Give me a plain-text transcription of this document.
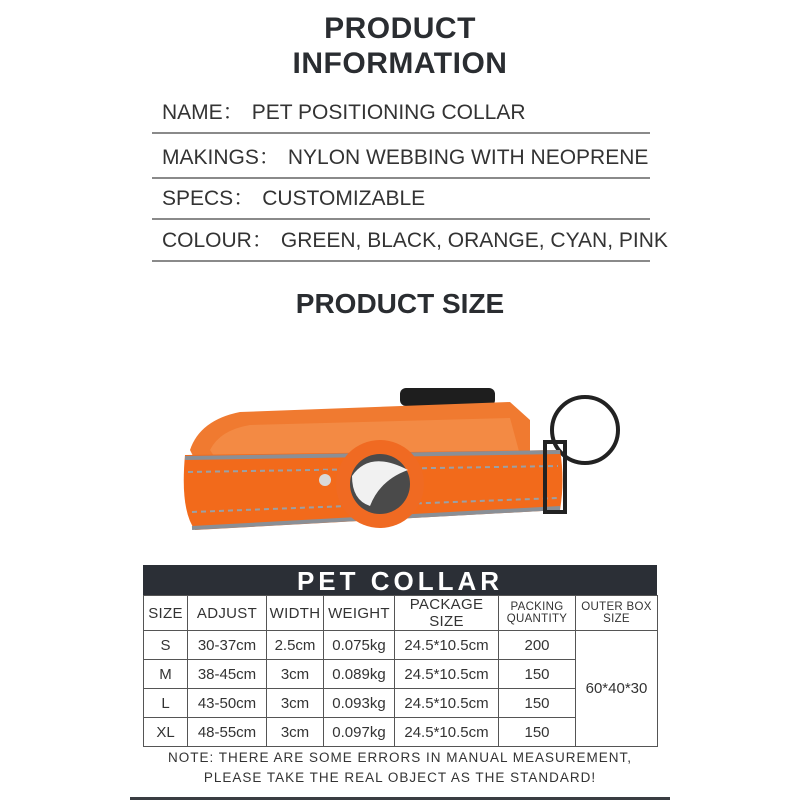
PRODUCT
INFORMATION
NAME： PET POSITIONING COLLAR
MAKINGS： NYLON WEBBING WITH NEOPRENE
SPECS： CUSTOMIZABLE
COLOUR： GREEN, BLACK, ORANGE, CYAN, PINK
PRODUCT SIZE
PET COLLAR
SIZE	ADJUST	WIDTH	WEIGHT	PACKAGE SIZE	PACKING QUANTITY	OUTER BOX SIZE
S	30-37cm	2.5cm	0.075kg	24.5*10.5cm	200	60*40*30
M	38-45cm	3cm	0.089kg	24.5*10.5cm	150	
L	43-50cm	3cm	0.093kg	24.5*10.5cm	150	
XL	48-55cm	3cm	0.097kg	24.5*10.5cm	150	
NOTE: THERE ARE SOME ERRORS IN MANUAL MEASUREMENT,
PLEASE TAKE THE REAL OBJECT AS THE STANDARD!
